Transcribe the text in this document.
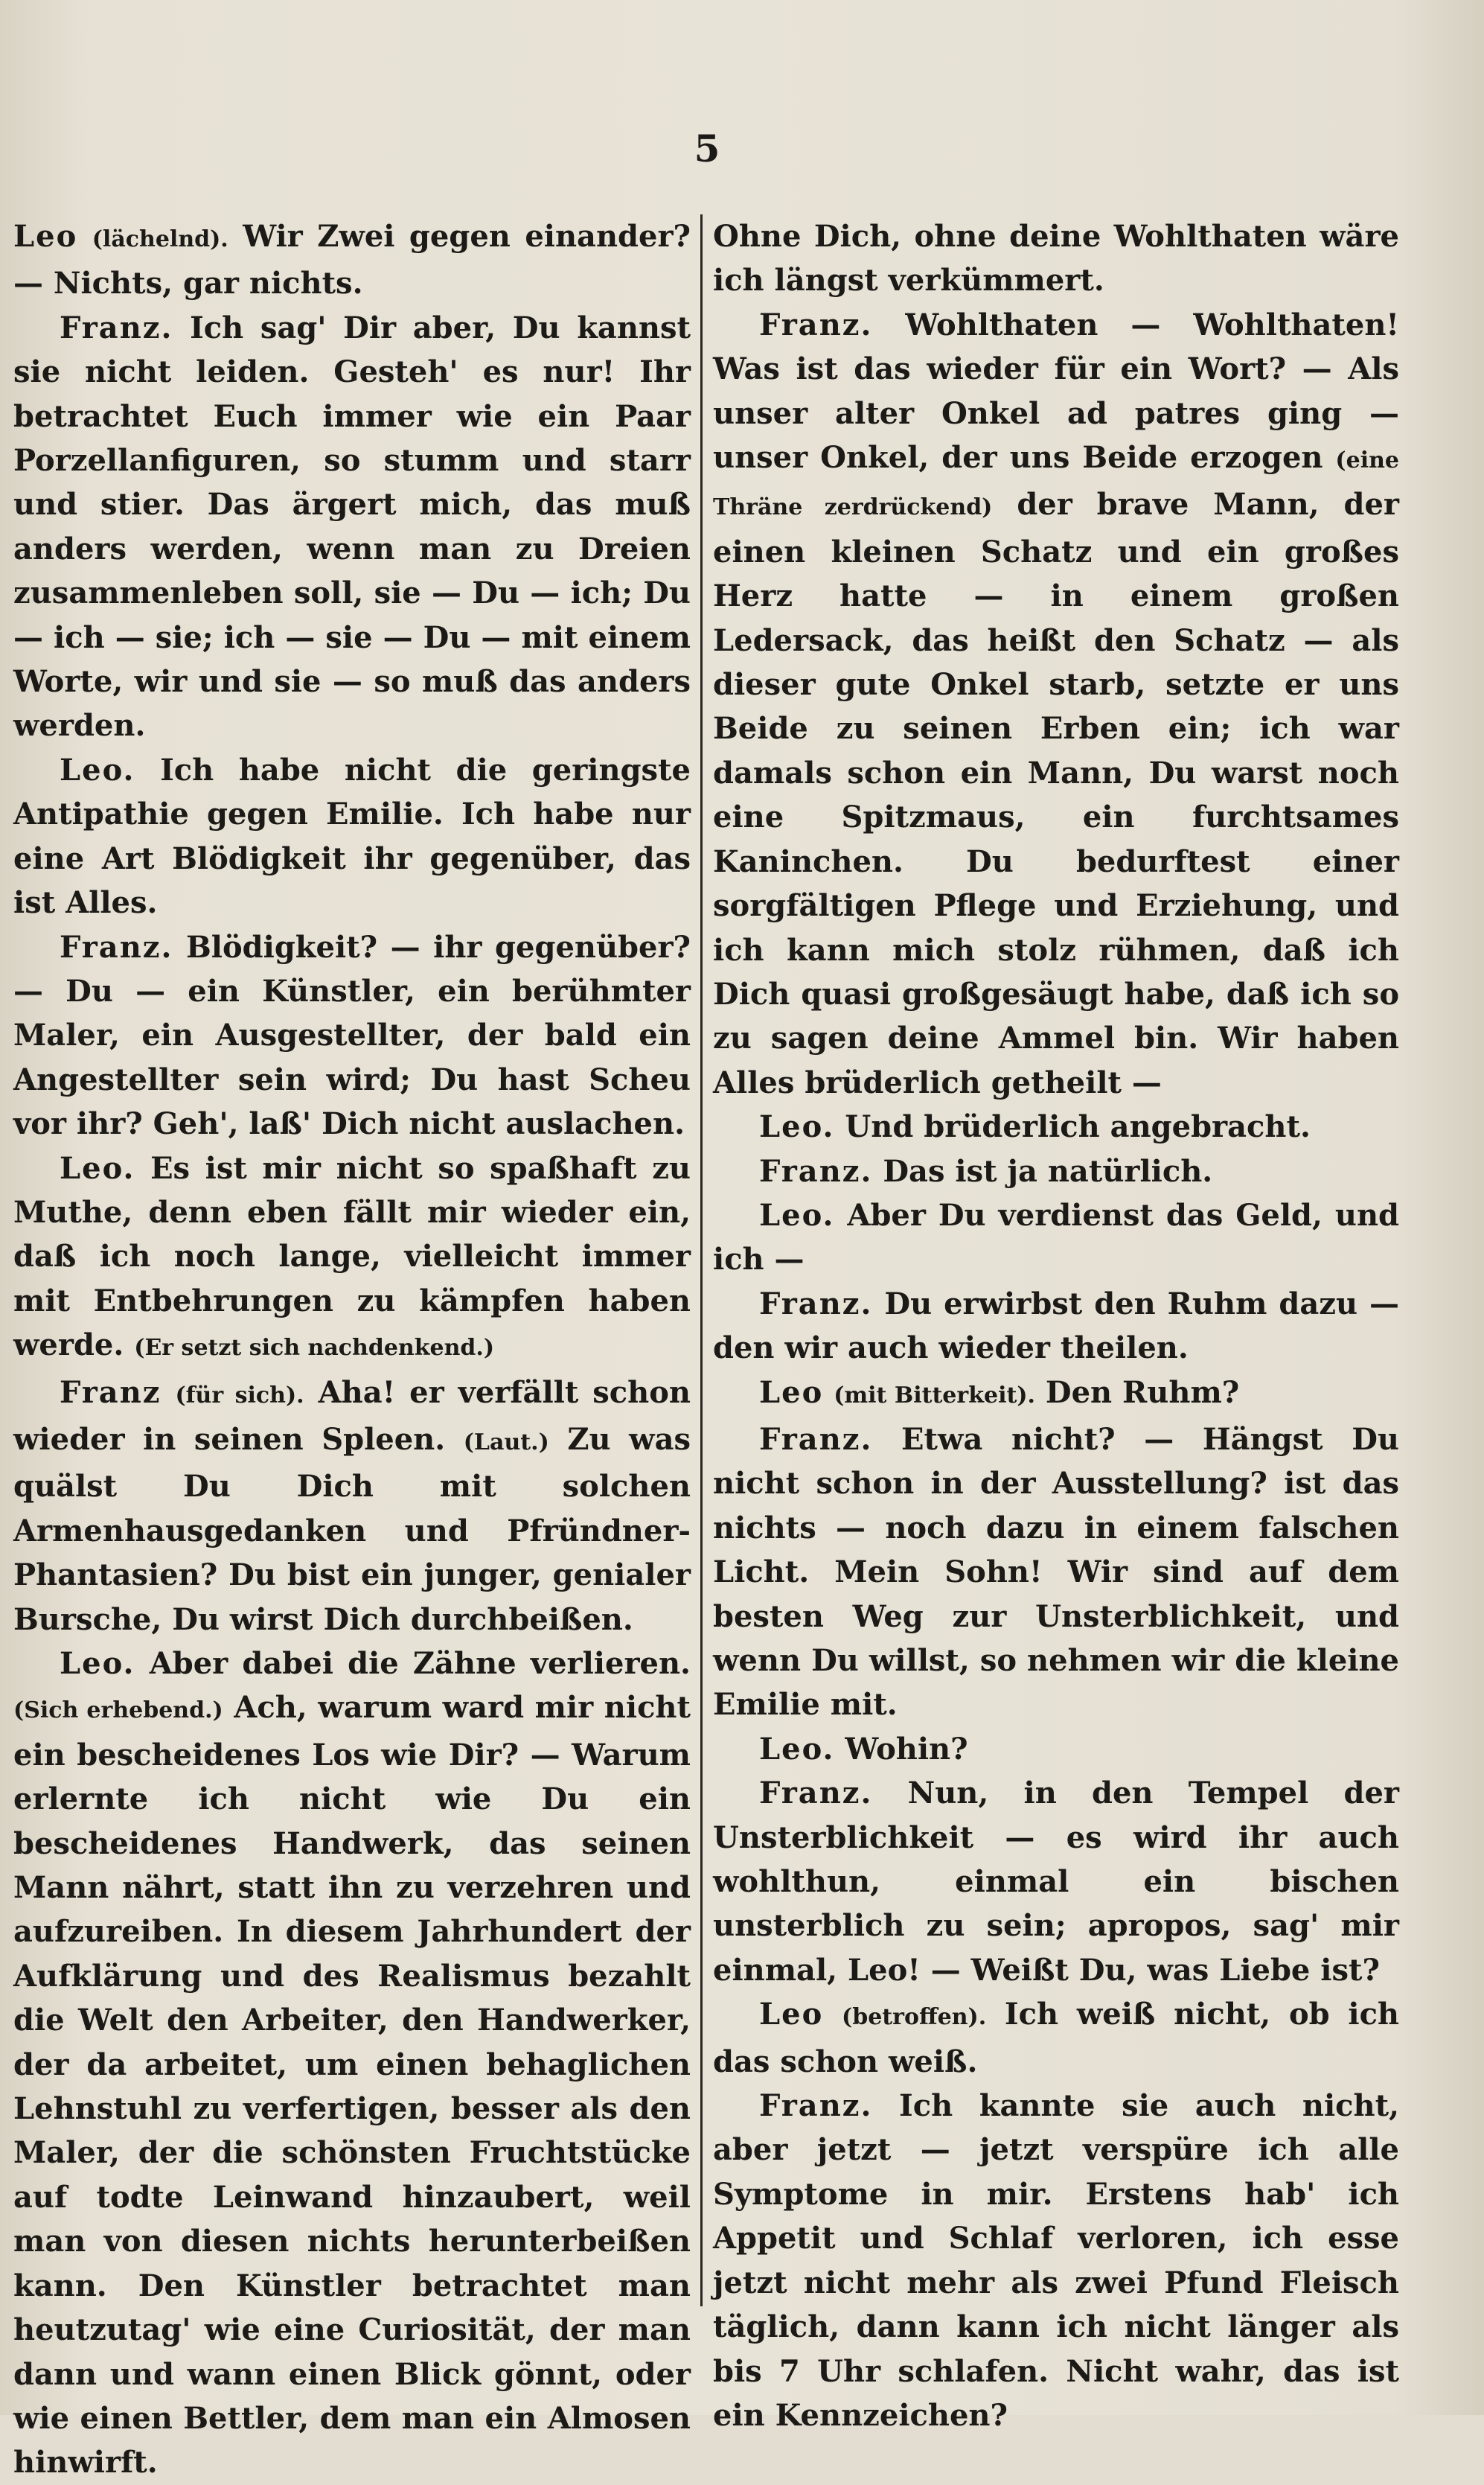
5

Leo (lächelnd). Wir Zwei gegen einander? — Nichts, gar nichts.

Franz. Ich sag' Dir aber, Du kannst sie nicht leiden. Gesteh' es nur! Ihr betrachtet Euch immer wie ein Paar Porzellanfiguren, so stumm und starr und stier. Das ärgert mich, das muß anders werden, wenn man zu Dreien zusammenleben soll, sie — Du — ich; Du — ich — sie; ich — sie — Du — mit einem Worte, wir und sie — so muß das anders werden.

Leo. Ich habe nicht die geringste Antipathie gegen Emilie. Ich habe nur eine Art Blödigkeit ihr gegenüber, das ist Alles.

Franz. Blödigkeit? — ihr gegenüber? — Du — ein Künstler, ein berühmter Maler, ein Ausgestellter, der bald ein Angestellter sein wird; Du hast Scheu vor ihr? Geh', laß' Dich nicht auslachen.

Leo. Es ist mir nicht so spaßhaft zu Muthe, denn eben fällt mir wieder ein, daß ich noch lange, vielleicht immer mit Entbehrungen zu kämpfen haben werde. (Er setzt sich nachdenkend.)

Franz (für sich). Aha! er verfällt schon wieder in seinen Spleen. (Laut.) Zu was quälst Du Dich mit solchen Armenhausgedanken und Pfründner-Phantasien? Du bist ein junger, genialer Bursche, Du wirst Dich durchbeißen.

Leo. Aber dabei die Zähne verlieren. (Sich erhebend.) Ach, warum ward mir nicht ein bescheidenes Los wie Dir? — Warum erlernte ich nicht wie Du ein bescheidenes Handwerk, das seinen Mann nährt, statt ihn zu verzehren und aufzureiben. In diesem Jahrhundert der Aufklärung und des Realismus bezahlt die Welt den Arbeiter, den Handwerker, der da arbeitet, um einen behaglichen Lehnstuhl zu verfertigen, besser als den Maler, der die schönsten Fruchtstücke auf todte Leinwand hinzaubert, weil man von diesen nichts herunterbeißen kann. Den Künstler betrachtet man heutzutag' wie eine Curiosität, der man dann und wann einen Blick gönnt, oder wie einen Bettler, dem man ein Almosen hinwirft.

Ohne Dich, ohne deine Wohlthaten wäre ich längst verkümmert.

Franz. Wohlthaten — Wohlthaten! Was ist das wieder für ein Wort? — Als unser alter Onkel ad patres ging — unser Onkel, der uns Beide erzogen (eine Thräne zerdrückend) der brave Mann, der einen kleinen Schatz und ein großes Herz hatte — in einem großen Ledersack, das heißt den Schatz — als dieser gute Onkel starb, setzte er uns Beide zu seinen Erben ein; ich war damals schon ein Mann, Du warst noch eine Spitzmaus, ein furchtsames Kaninchen. Du bedurftest einer sorgfältigen Pflege und Erziehung, und ich kann mich stolz rühmen, daß ich Dich quasi großgesäugt habe, daß ich so zu sagen deine Ammel bin. Wir haben Alles brüderlich getheilt —

Leo. Und brüderlich angebracht.

Franz. Das ist ja natürlich.

Leo. Aber Du verdienst das Geld, und ich —

Franz. Du erwirbst den Ruhm dazu — den wir auch wieder theilen.

Leo (mit Bitterkeit). Den Ruhm?

Franz. Etwa nicht? — Hängst Du nicht schon in der Ausstellung? ist das nichts — noch dazu in einem falschen Licht. Mein Sohn! Wir sind auf dem besten Weg zur Unsterblichkeit, und wenn Du willst, so nehmen wir die kleine Emilie mit.

Leo. Wohin?

Franz. Nun, in den Tempel der Unsterblichkeit — es wird ihr auch wohlthun, einmal ein bischen unsterblich zu sein; apropos, sag' mir einmal, Leo! — Weißt Du, was Liebe ist?

Leo (betroffen). Ich weiß nicht, ob ich das schon weiß.

Franz. Ich kannte sie auch nicht, aber jetzt — jetzt verspüre ich alle Symptome in mir. Erstens hab' ich Appetit und Schlaf verloren, ich esse jetzt nicht mehr als zwei Pfund Fleisch täglich, dann kann ich nicht länger als bis 7 Uhr schlafen. Nicht wahr, das ist ein Kennzeichen?
